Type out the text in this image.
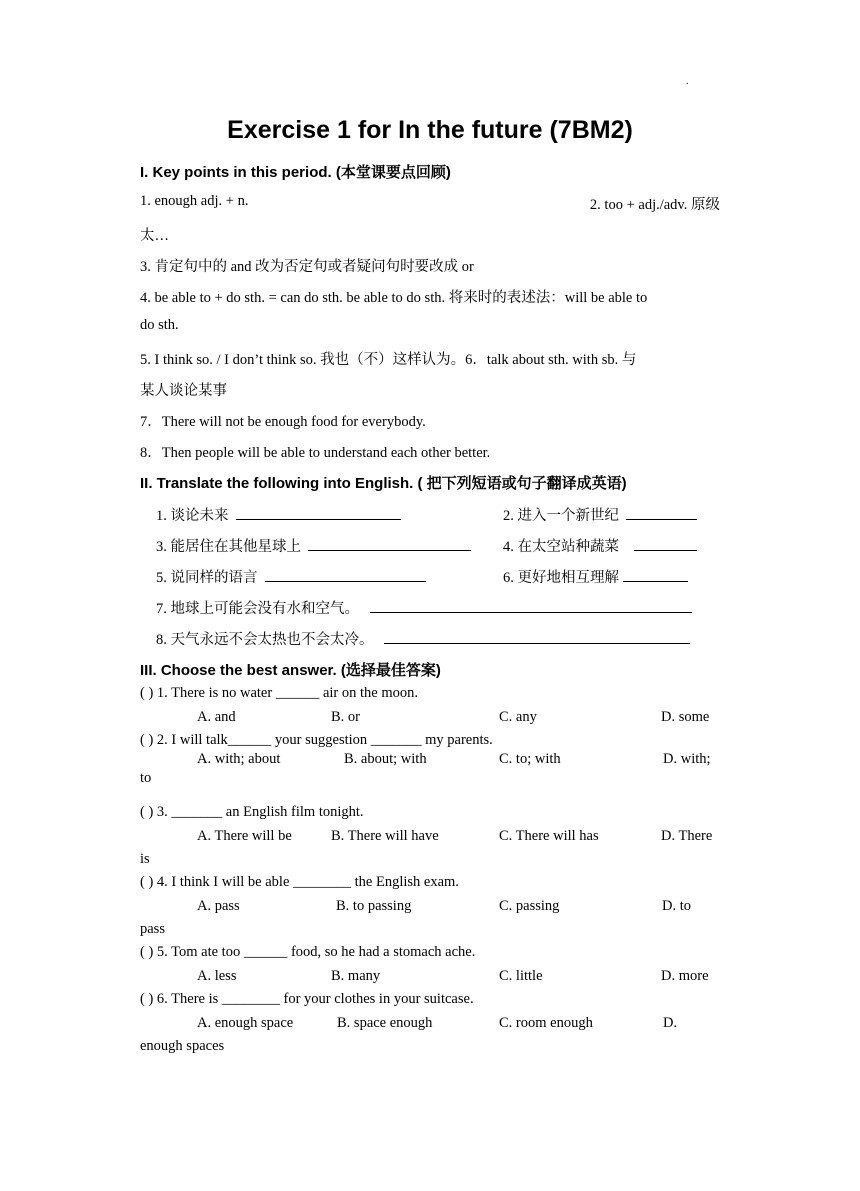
.
Exercise 1 for In the future (7BM2)
I. Key points in this period. (本堂课要点回顾)
1. enough adj. + n.	2. too + adj./adv. 原级
太…
3. 肯定句中的 and 改为否定句或者疑问句时要改成 or
4. be able to + do sth. = can do sth. be able to do sth. 将来时的表述法：will be able to
do sth.
5. I think so. / I don’t think so. 我也（不）这样认为。6．talk about sth. with sb. 与
某人谈论某事
7．There will not be enough food for everybody.
8．Then people will be able to understand each other better.
II. Translate the following into English. ( 把下列短语或句子翻译成英语)
1. 谈论未来	2. 进入一个新世纪
3. 能居住在其他星球上	4. 在太空站种蔬菜
5. 说同样的语言	6. 更好地相互理解
7. 地球上可能会没有水和空气。
8. 天气永远不会太热也不会太冷。
III. Choose the best answer. (选择最佳答案)
( ) 1. There is no water ______ air on the moon.
A. and	B. or	C. any	D. some
( ) 2. I will talk______ your suggestion _______ my parents.
A. with; about	B. about; with	C. to; with	D. with;
to
( ) 3. _______ an English film tonight.
A. There will be	B. There will have	C. There will has	D. There
is
( ) 4. I think I will be able ________ the English exam.
A. pass	B. to passing	C. passing	D. to
pass
( ) 5. Tom ate too ______ food, so he had a stomach ache.
A. less	B. many	C. little	D. more
( ) 6. There is ________ for your clothes in your suitcase.
A. enough space	B. space enough	C. room enough	D.
enough spaces
